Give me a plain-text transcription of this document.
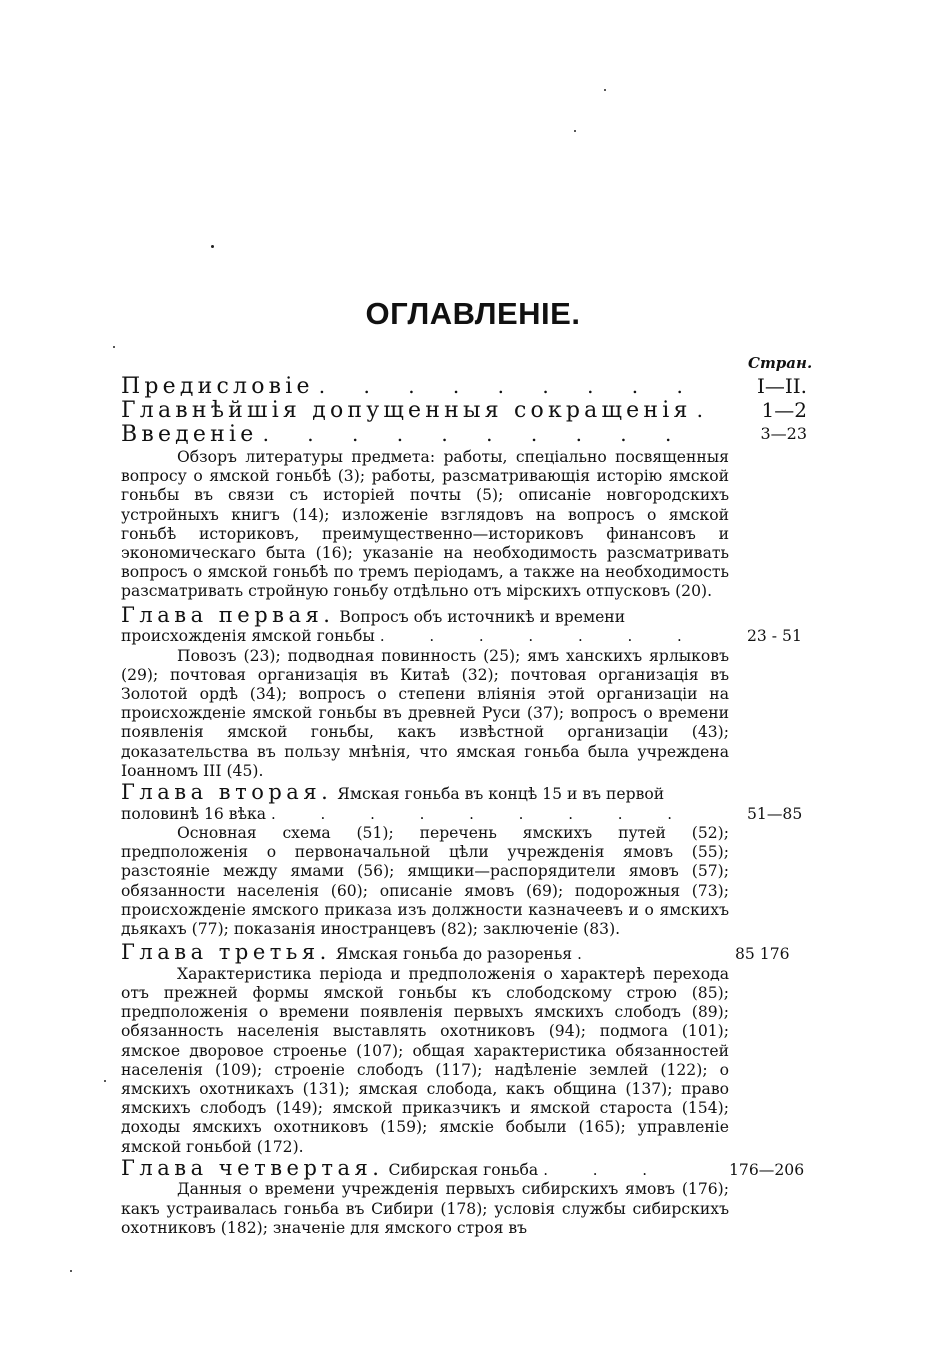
ОГЛАВЛЕНІЕ.
Стран.
Предисловіе . . . . . . . . .	I—II.
Главнѣйшія допущенныя сокращенія . 1—2
Введеніе . . . . . . . . . .	3—23
Обзоръ литературы предмета: работы, спеціально посвященныя вопросу о ямской гоньбѣ (3); работы, разсматривающія исторію ямской гоньбы въ связи съ исторіей почты (5); описаніе новгородскихъ устройныхъ книгъ (14); изложеніе взглядовъ на вопросъ о ямской гоньбѣ историковъ, преимущественно—историковъ финансовъ и экономическаго быта (16); указаніе на необходимость разсматривать вопросъ о ямской гоньбѣ по тремъ періодамъ, а также на необходимость разсматривать стройную гоньбу отдѣльно отъ мірскихъ отпусковъ (20).
Глава первая. Вопросъ объ источникѣ и времени происхожденія ямской гоньбы . . . . . . .	23 - 51
Повозъ (23); подводная повинность (25); ямъ ханскихъ ярлыковъ (29); почтовая организація въ Китаѣ (32); почтовая организація въ Золотой ордѣ (34); вопросъ о степени вліянія этой организаціи на происхожденіе ямской гоньбы въ древней Руси (37); вопросъ о времени появленія ямской гоньбы, какъ извѣстной организаціи (43); доказательства въ пользу мнѣнія, что ямская гоньба была учреждена Іоанномъ III (45).
Глава вторая. Ямская гоньба въ концѣ 15 и въ первой половинѣ 16 вѣка . . . . . . . . .	51—85
Основная схема (51); перечень ямскихъ путей (52); предположенія о первоначальной цѣли учрежденія ямовъ (55); разстояніе между ямами (56); ямщики—распорядители ямовъ (57); обязанности населенія (60); описаніе ямовъ (69); подорожныя (73); происхожденіе ямского приказа изъ должности казначеевъ и о ямскихъ дьякахъ (77); показанія иностранцевъ (82); заключеніе (83).
Глава третья. Ямская гоньба до разоренья .	85 176
Характеристика періода и предположенія о характерѣ перехода отъ прежней формы ямской гоньбы къ слободскому строю (85); предположенія о времени появленія первыхъ ямскихъ слободъ (89); обязанность населенія выставлять охотниковъ (94); подмога (101); ямское дворовое строенье (107); общая характеристика обязанностей населенія (109); строеніе слободъ (117); надѣленіе землей (122); о ямскихъ охотникахъ (131); ямская слобода, какъ община (137); право ямскихъ слободъ (149); ямской приказчикъ и ямской староста (154); доходы ямскихъ охотниковъ (159); ямскіе бобыли (165); управленіе ямской гоньбой (172).
Глава четвертая. Сибирская гоньба . . .	176—206
Данныя о времени учрежденія первыхъ сибирскихъ ямовъ (176); какъ устраивалась гоньба въ Сибири (178); условія службы сибирскихъ охотниковъ (182); значеніе для ямского строя въ
